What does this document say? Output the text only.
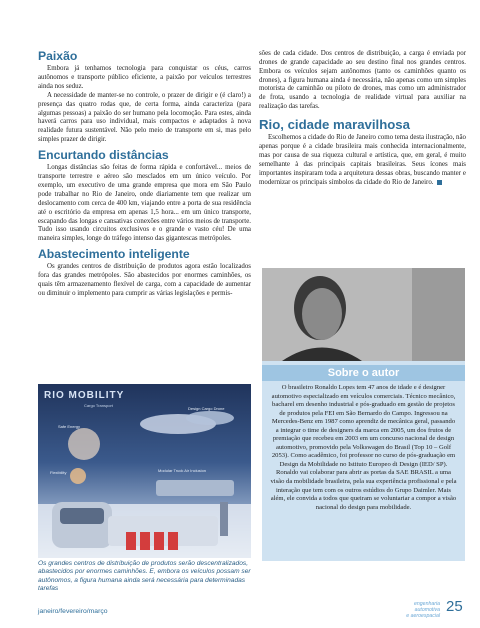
Paixão

Embora já tenhamos tecnologia para conquistar os céus, carros autônomos e transporte público eficiente, a paixão por veículos terrestres ainda nos seduz.

A necessidade de manter-se no controle, o prazer de dirigir e (é claro!) a presença das quatro rodas que, de certa forma, ainda caracteriza (para algumas pessoas) a paixão do ser humano pela locomoção. Para estes, ainda haverá carros para uso individual, mais compactos e adaptados à nova realidade futura sustentável. Não pelo meio de transporte em si, mas pelo simples prazer de dirigir.

Encurtando distâncias

Longas distâncias são feitas de forma rápida e confortável... meios de transporte terrestre e aéreo são mesclados em um único veículo. Por exemplo, um executivo de uma grande empresa que mora em São Paulo pode trabalhar no Rio de Janeiro, onde diariamente tem que realizar um deslocamento com cerca de 400 km, viajando entre a porta de sua residência até o escritório da empresa em apenas 1,5 hora... em um único transporte, escapando das longas e cansativas conexões entre vários meios de transporte. Tudo isso usando circuitos exclusivos e o grande e vasto céu! De uma maneira simples, longe do tráfego intenso das gigantescas metrópoles.

Abastecimento inteligente

Os grandes centros de distribuição de produtos agora estão localizados fora das grandes metrópoles. São abastecidos por enormes caminhões, os quais têm armazenamento flexível de carga, com a capacidade de aumentar ou diminuir o implemento para cumprir as várias legislações e permis-

RIO MOBILITY
Cargo Transport
Safe Energy
Flexibility	Modular Truck Air Inclusion
Design Cargo Drone
Os grandes centros de distribuição de produtos serão descentralizados, abastecidos por enormes caminhões. E, embora os veículos possam ser autônomos, a figura humana ainda será necessária para determinadas tarefas

sões de cada cidade. Dos centros de distribuição, a carga é enviada por drones de grande capacidade ao seu destino final nos grandes centros. Embora os veículos sejam autônomos (tanto os caminhões quanto os drones), a figura humana ainda é necessária, não apenas como um simples motorista de caminhão ou piloto de drones, mas como um administrador de frota, usando a tecnologia de realidade virtual para auxiliar na realização das tarefas.

Rio, cidade maravilhosa

Escolhemos a cidade do Rio de Janeiro como tema desta ilustração, não apenas porque é a cidade brasileira mais conhecida internacionalmente, mas por causa de sua riqueza cultural e artística, que, em geral, é muito semelhante à das principais capitais brasileiras. Seus ícones mais importantes inspiraram toda a arquitetura dessas obras, buscando manter e modernizar os principais símbolos da cidade do Rio de Janeiro.

Sobre o autor

O brasileiro Ronaldo Lopes tem 47 anos de idade e é designer automotivo especializado em veículos comerciais. Técnico mecânico, bacharel em desenho industrial e pós-graduado em gestão de projetos de produtos pela FEI em São Bernardo do Campo. Ingressou na Mercedes-Benz em 1987 como aprendiz de mecânica geral, passando a integrar o time de designers da marca em 2005, um dos frutos de premiação que recebeu em 2003 em um concurso nacional de design automotivo, promovido pela Volkswagen do Brasil (Top 10 – Golf 2053). Como acadêmico, foi professor no curso de pós-graduação em Design da Mobilidade no Istituto Europeo di Design (IED/ SP). Ronaldo vai colaborar para abrir as portas da SAE BRASIL a uma visão da mobilidade brasileira, pela sua experiência profissional e pela interação que tem com os outros estúdios do Grupo Daimler. Mais além, ele convida a todos que queiram se voluntariar a compor a visão nacional do design para mobilidade.

janeiro/fevereiro/março
engenharia
automotiva
e aeroespacial
25
